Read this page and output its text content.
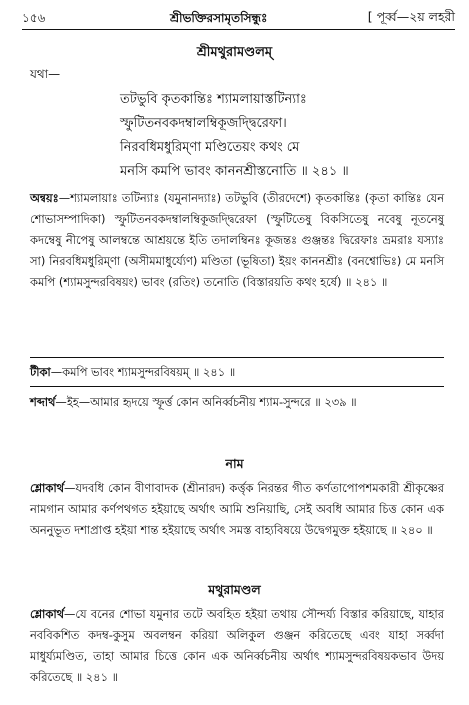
১৫৬	শ্রীভক্তিরসামৃতসিন্ধুঃ	[ পূর্ব্ব—২য় লহরী
শ্রীমথুরামণ্ডলম্
যথা—
তটভুবি কৃতকান্তিঃ শ্যামলায়াস্তটিন্যাঃ
স্ফুটিতনবকদম্বালম্বিকূজদ্দ্বিরেফা।
নিরবধিমধুরিম্ণা মণ্ডিতেয়ং কথং মে
মনসি কমপি ভাবং কাননশ্রীস্তনোতি ॥ ২৪১ ॥
অন্বয়ঃ—শ্যামলায়াঃ তটিন্যাঃ (যমুনানদ্যাঃ) তটভুবি (তীরদেশে) কৃতকান্তিঃ (কৃতা কান্তিঃ যেন শোভাসম্পাদিকা) স্ফুটিতনবকদম্বালম্বিকূজদ্দ্বিরেফা (স্ফুটিতেষু বিকসিতেষু নবেষু নূতনেষু কদম্বেষু নীপেষু আলম্বন্তে আশ্রয়ন্তে ইতি তদালম্বিনঃ কূজন্তঃ গুঞ্জন্তঃ দ্বিরেফাঃ ভ্রমরাঃ যস্যাঃ সা) নিরবধিমধুরিম্ণা (অসীমমাধুর্য্যেণ) মণ্ডিতা (ভূষিতা) ইয়ং কাননশ্রীঃ (বনশ্বোভিঃ) মে মনসি কমপি (শ্যামসুন্দরবিষয়ং) ভাবং (রতিং) তনোতি (বিস্তারয়তি কথং হর্ষে) ॥ ২৪১ ॥
টীকা—কমপি ভাবং শ্যামসুন্দরবিষয়ম্ ॥ ২৪১ ॥
শব্দার্থ—ইহ—আমার হৃদয়ে স্ফূর্ত্ত কোন অনির্ব্বচনীয় শ্যাম-সুন্দরে ॥ ২৩৯ ॥
নাম
শ্লোকার্থ—যদবধি কোন বীণাবাদক (শ্রীনারদ) কর্ত্তৃক নিরন্তর গীত কর্ণতাপোপশমকারী শ্রীকৃষ্ণের নামগান আমার কর্ণপথগত হইয়াছে অর্থাৎ আমি শুনিয়াছি, সেই অবধি আমার চিত্ত কোন এক অননুভূত দশাপ্রাপ্ত হইয়া শান্ত হইয়াছে অর্থাৎ সমস্ত বাহ্যবিষয়ে উদ্বেগমুক্ত হইয়াছে ॥ ২৪০ ॥
মথুরামণ্ডল
শ্লোকার্থ—যে বনের শোভা যমুনার তটে অবহিত হইয়া তথায় সৌন্দর্য্য বিস্তার করিয়াছে, যাহার নববিকশিত কদম্ব-কুসুম অবলম্বন করিয়া অলিকুল গুঞ্জন করিতেছে এবং যাহা সর্ব্বদা মাধুর্য্যমণ্ডিত, তাহা আমার চিত্তে কোন এক অনির্ব্বচনীয় অর্থাৎ শ্যামসুন্দরবিষয়কভাব উদয় করিতেছে ॥ ২৪১ ॥
